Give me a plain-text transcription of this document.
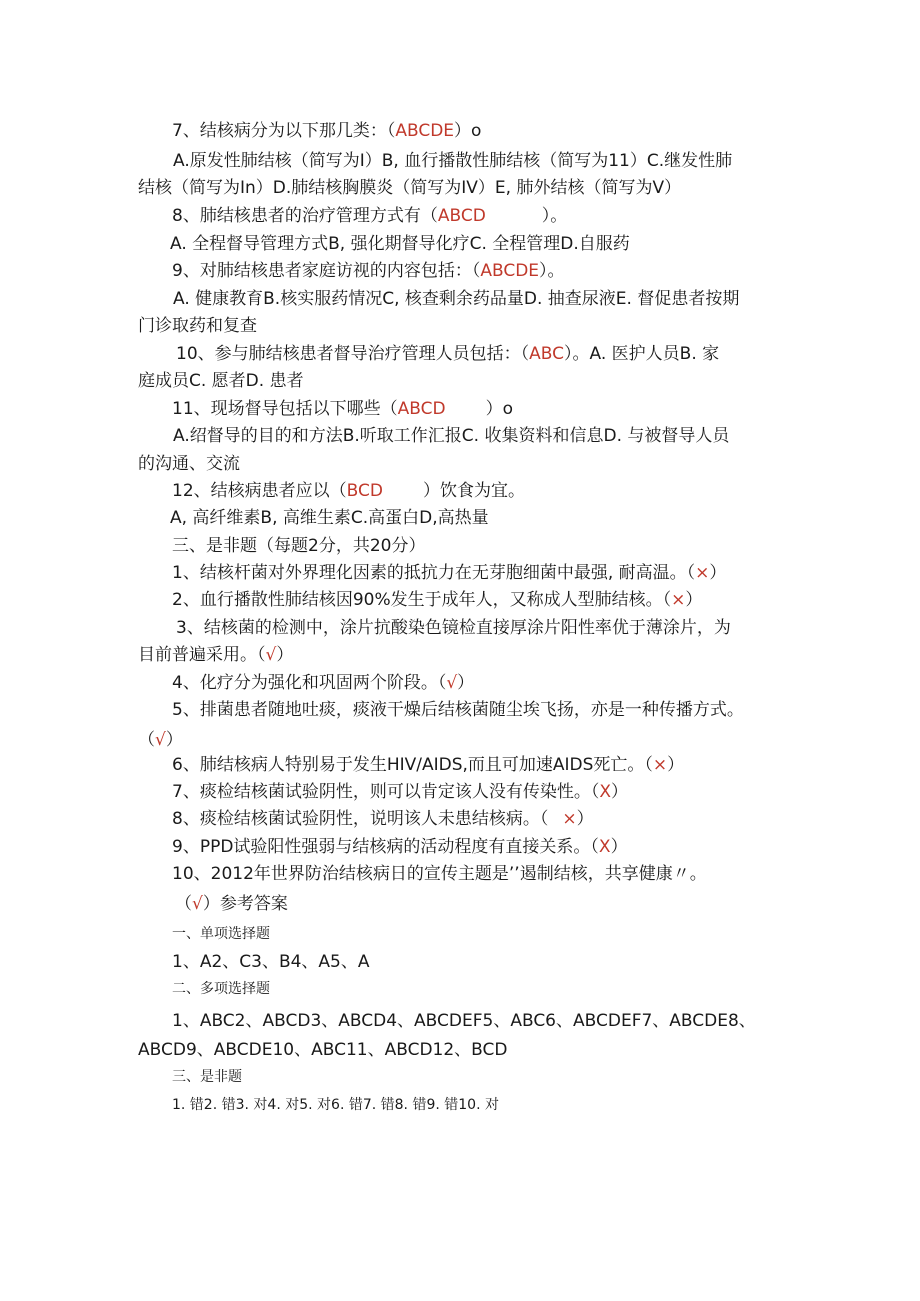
7、结核病分为以下那几类：（ABCDE）o
A.原发性肺结核（简写为I）B, 血行播散性肺结核（简写为11）C.继发性肺
结核（简写为In）D.肺结核胸膜炎（简写为IV）E, 肺外结核（简写为V）
8、肺结核患者的治疗管理方式有（ABCD	）。
A. 全程督导管理方式B, 强化期督导化疗C. 全程管理D.自服药
9、对肺结核患者家庭访视的内容包括：（ABCDE）。
A. 健康教育B.核实服药情况C, 核查剩余药品量D. 抽查尿液E. 督促患者按期
门诊取药和复查
10、参与肺结核患者督导治疗管理人员包括：（ABC）。A. 医护人员B. 家
庭成员C. 愿者D. 患者
11、现场督导包括以下哪些（ABCD ）o
A.绍督导的目的和方法B.听取工作汇报C. 收集资料和信息D. 与被督导人员
的沟通、交流
12、结核病患者应以（BCD ）饮食为宜。
A, 高纤维素B, 高维生素C.高蛋白D,高热量
三、是非题（每题2分，共20分）
1、结核杆菌对外界理化因素的抵抗力在无芽胞细菌中最强, 耐高温。（×）
2、血行播散性肺结核因90%发生于成年人，又称成人型肺结核。（×）
3、结核菌的检测中，涂片抗酸染色镜检直接厚涂片阳性率优于薄涂片，为
目前普遍采用。（√）
4、化疗分为强化和巩固两个阶段。（√）
5、排菌患者随地吐痰，痰液干燥后结核菌随尘埃飞扬，亦是一种传播方式。
（√）
6、肺结核病人特别易于发生HIV/AIDS,而且可加速AIDS死亡。（×）
7、痰检结核菌试验阴性，则可以肯定该人没有传染性。（X）
8、痰检结核菌试验阴性，说明该人未患结核病。（ ×）
9、PPD试验阳性强弱与结核病的活动程度有直接关系。（X）
10、2012年世界防治结核病日的宣传主题是’’遏制结核，共享健康〃。
（√）参考答案
一、单项选择题
1、A2、C3、B4、A5、A
二、多项选择题
1、ABC2、ABCD3、ABCD4、ABCDEF5、ABC6、ABCDEF7、ABCDE8、
ABCD9、ABCDE10、ABC11、ABCD12、BCD
三、是非题
1. 错2. 错3. 对4. 对5. 对6. 错7. 错8. 错9. 错10. 对
